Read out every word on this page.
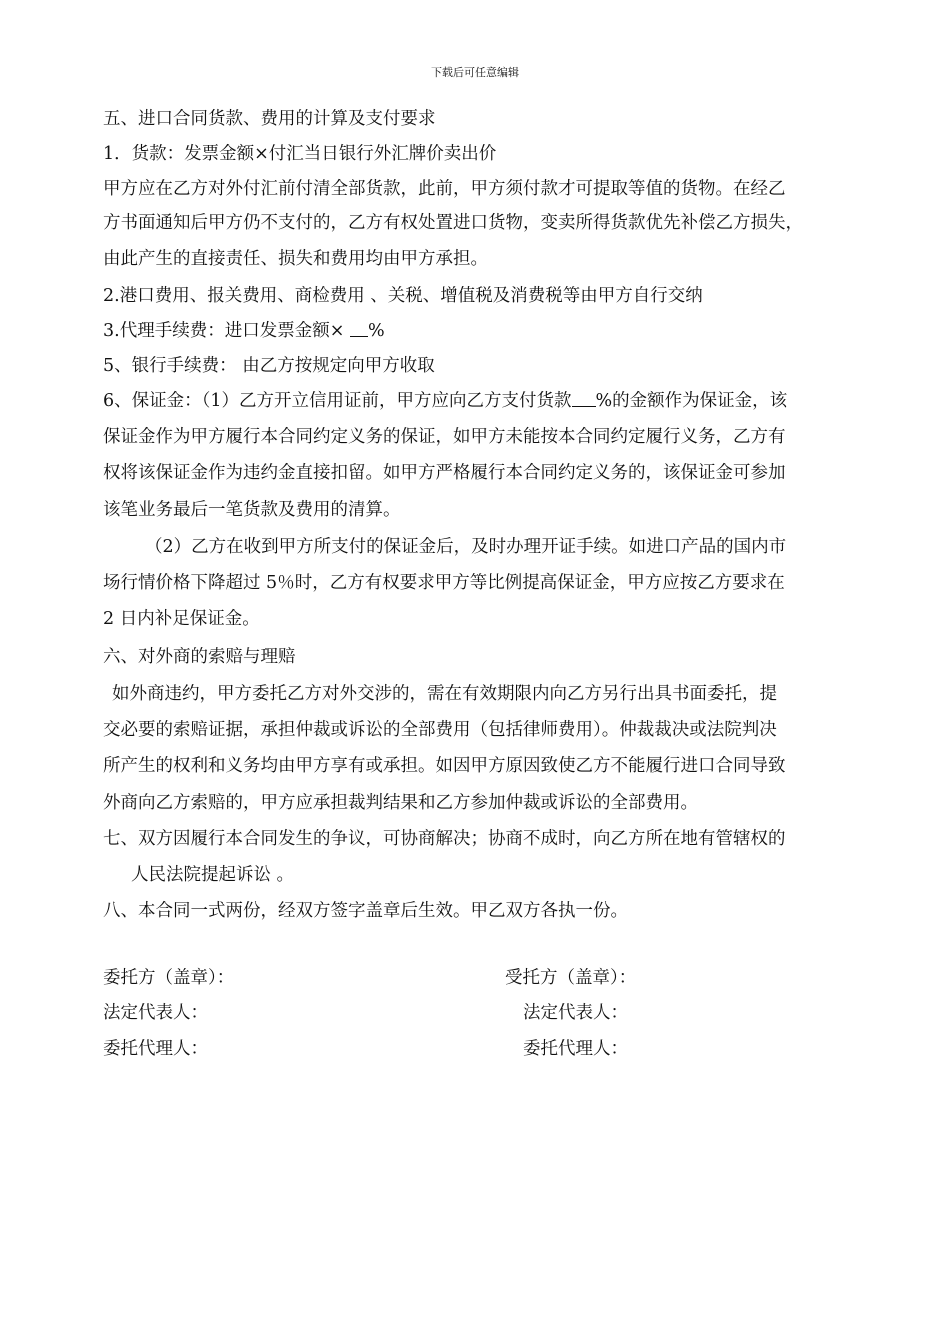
下载后可任意编辑
五、进口合同货款、费用的计算及支付要求
1．货款：发票金额×付汇当日银行外汇牌价卖出价
甲方应在乙方对外付汇前付清全部货款，此前，甲方须付款才可提取等值的货物。在经乙
方书面通知后甲方仍不支付的，乙方有权处置进口货物，变卖所得货款优先补偿乙方损失，
由此产生的直接责任、损失和费用均由甲方承担。
2.港口费用、报关费用、商检费用 、关税、增值税及消费税等由甲方自行交纳
3.代理手续费：进口发票金额× %
5、银行手续费： 由乙方按规定向甲方收取
6、保证金：（1）乙方开立信用证前，甲方应向乙方支付货款 %的金额作为保证金，该
保证金作为甲方履行本合同约定义务的保证，如甲方未能按本合同约定履行义务，乙方有
权将该保证金作为违约金直接扣留。如甲方严格履行本合同约定义务的，该保证金可参加
该笔业务最后一笔货款及费用的清算。
（2）乙方在收到甲方所支付的保证金后，及时办理开证手续。如进口产品的国内市
场行情价格下降超过 5％时，乙方有权要求甲方等比例提高保证金，甲方应按乙方要求在
2 日内补足保证金。
六、对外商的索赔与理赔
如外商违约，甲方委托乙方对外交涉的，需在有效期限内向乙方另行出具书面委托，提
交必要的索赔证据，承担仲裁或诉讼的全部费用（包括律师费用）。仲裁裁决或法院判决
所产生的权利和义务均由甲方享有或承担。如因甲方原因致使乙方不能履行进口合同导致
外商向乙方索赔的，甲方应承担裁判结果和乙方参加仲裁或诉讼的全部费用。
七、双方因履行本合同发生的争议，可协商解决；协商不成时，向乙方所在地有管辖权的
人民法院提起诉讼 。
八、本合同一式两份，经双方签字盖章后生效。甲乙双方各执一份。
委托方（盖章）：
法定代表人：
委托代理人：
受托方（盖章）：
法定代表人：
委托代理人：
